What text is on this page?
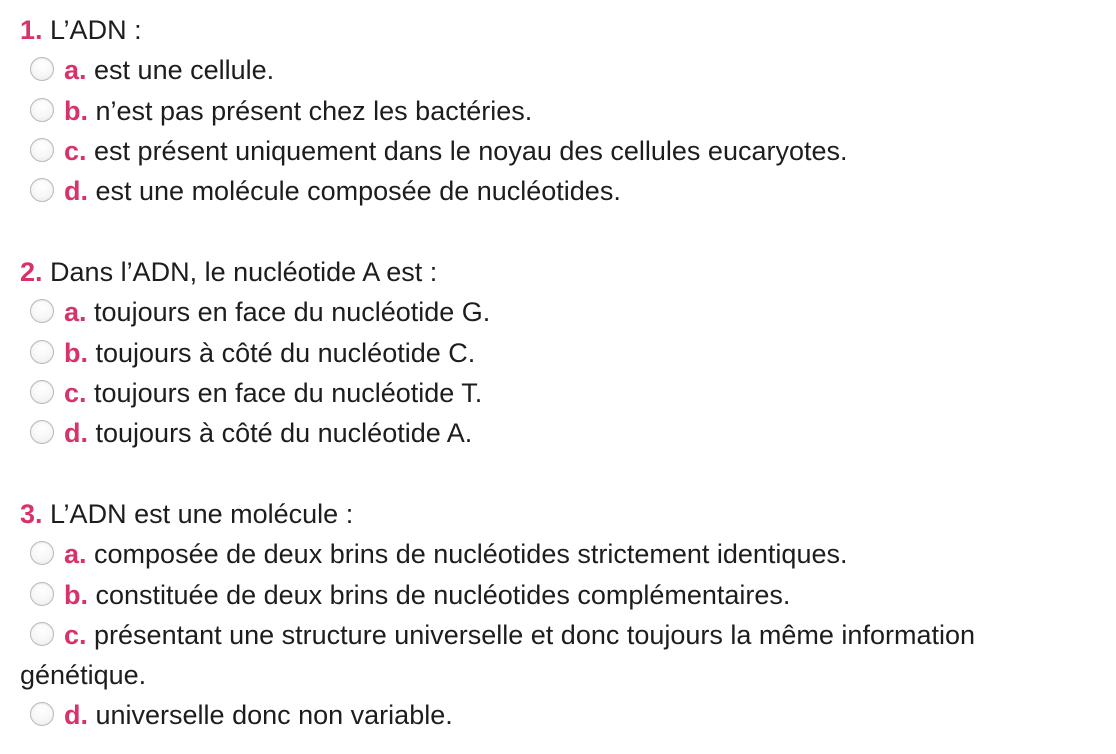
1. L’ADN :
a. est une cellule.
b. n’est pas présent chez les bactéries.
c. est présent uniquement dans le noyau des cellules eucaryotes.
d. est une molécule composée de nucléotides.
2. Dans l’ADN, le nucléotide A est :
a. toujours en face du nucléotide G.
b. toujours à côté du nucléotide C.
c. toujours en face du nucléotide T.
d. toujours à côté du nucléotide A.
3. L’ADN est une molécule :
a. composée de deux brins de nucléotides strictement identiques.
b. constituée de deux brins de nucléotides complémentaires.
c. présentant une structure universelle et donc toujours la même information génétique.
d. universelle donc non variable.
